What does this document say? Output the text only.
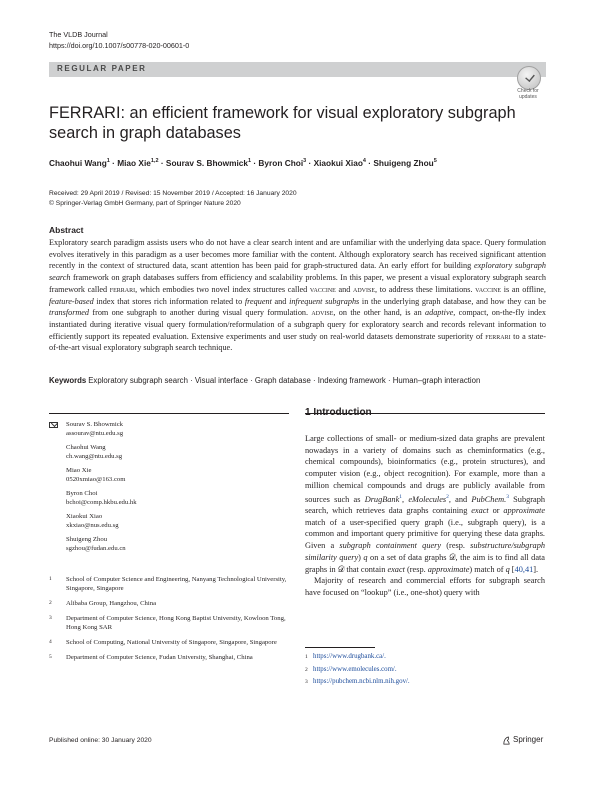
The VLDB Journal
https://doi.org/10.1007/s00778-020-00601-0
REGULAR PAPER
Check for
updates
FERRARI: an efficient framework for visual exploratory subgraph search in graph databases
Chaohui Wang$^1$ · Miao Xie$^{1,2}$ · Sourav S. Bhowmick$^1$ · Byron Choi$^3$ · Xiaokui Xiao$^4$ · Shuigeng Zhou$^5$
Received: 29 April 2019 / Revised: 15 November 2019 / Accepted: 16 January 2020
© Springer-Verlag GmbH Germany, part of Springer Nature 2020
Abstract
Exploratory search paradigm assists users who do not have a clear search intent and are unfamiliar with the underlying data space. Query formulation evolves iteratively in this paradigm as a user becomes more familiar with the content. Although exploratory search has received significant attention recently in the context of structured data, scant attention has been paid for graph-structured data. An early effort for building exploratory subgraph search framework on graph databases suffers from efficiency and scalability problems. In this paper, we present a visual exploratory subgraph search framework called ferrari, which embodies two novel index structures called vaccine and advise, to address these limitations. vaccine is an offline, feature-based index that stores rich information related to frequent and infrequent subgraphs in the underlying graph database, and how they can be transformed from one subgraph to another during visual query formulation. advise, on the other hand, is an adaptive, compact, on-the-fly index instantiated during iterative visual query formulation/reformulation of a subgraph query for exploratory search and records relevant information to efficiently support its repeated evaluation. Extensive experiments and user study on real-world datasets demonstrate superiority of ferrari to a state-of-the-art visual exploratory subgraph search technique.
Keywords Exploratory subgraph search · Visual interface · Graph database · Indexing framework · Human–graph interaction
Sourav S. Bhowmick
assourav@ntu.edu.sg
Chaohui Wang
ch.wang@ntu.edu.sg
Miao Xie
0520xmiao@163.com
Byron Choi
bchoi@comp.hkbu.edu.hk
Xiaokui Xiao
xkxiao@nus.edu.sg
Shuigeng Zhou
sgzhou@fudan.edu.cn
1 School of Computer Science and Engineering, Nanyang Technological University, Singapore, Singapore
2 Alibaba Group, Hangzhou, China
3 Department of Computer Science, Hong Kong Baptist University, Kowloon Tong, Hong Kong SAR
4 School of Computing, National University of Singapore, Singapore, Singapore
5 Department of Computer Science, Fudan University, Shanghai, China
1 Introduction

Large collections of small- or medium-sized data graphs are prevalent nowadays in a variety of domains such as cheminformatics (e.g., chemical compounds), bioinformatics (e.g., protein structures), and computer vision (e.g., object recognition). For example, more than a million chemical compounds and drugs are publicly available from sources such as DrugBank$^1$, eMolecules$^2$, and PubChem.$^3$ Subgraph search, which retrieves data graphs containing exact or approximate match of a user-specified query graph (i.e., subgraph query), is a common and important query primitive for querying these data graphs. Given a subgraph containment query (resp. substructure/subgraph similarity query) q on a set of data graphs 𝒟, the aim is to find all data graphs in 𝒟 that contain exact (resp. approximate) match of q [40,41].

Majority of research and commercial efforts for subgraph search have focused on “lookup” (i.e., one-shot) query with

1 https://www.drugbank.ca/.
2 https://www.emolecules.com/.
3 https://pubchem.ncbi.nlm.nih.gov/.
Published online: 30 January 2020	Springer
